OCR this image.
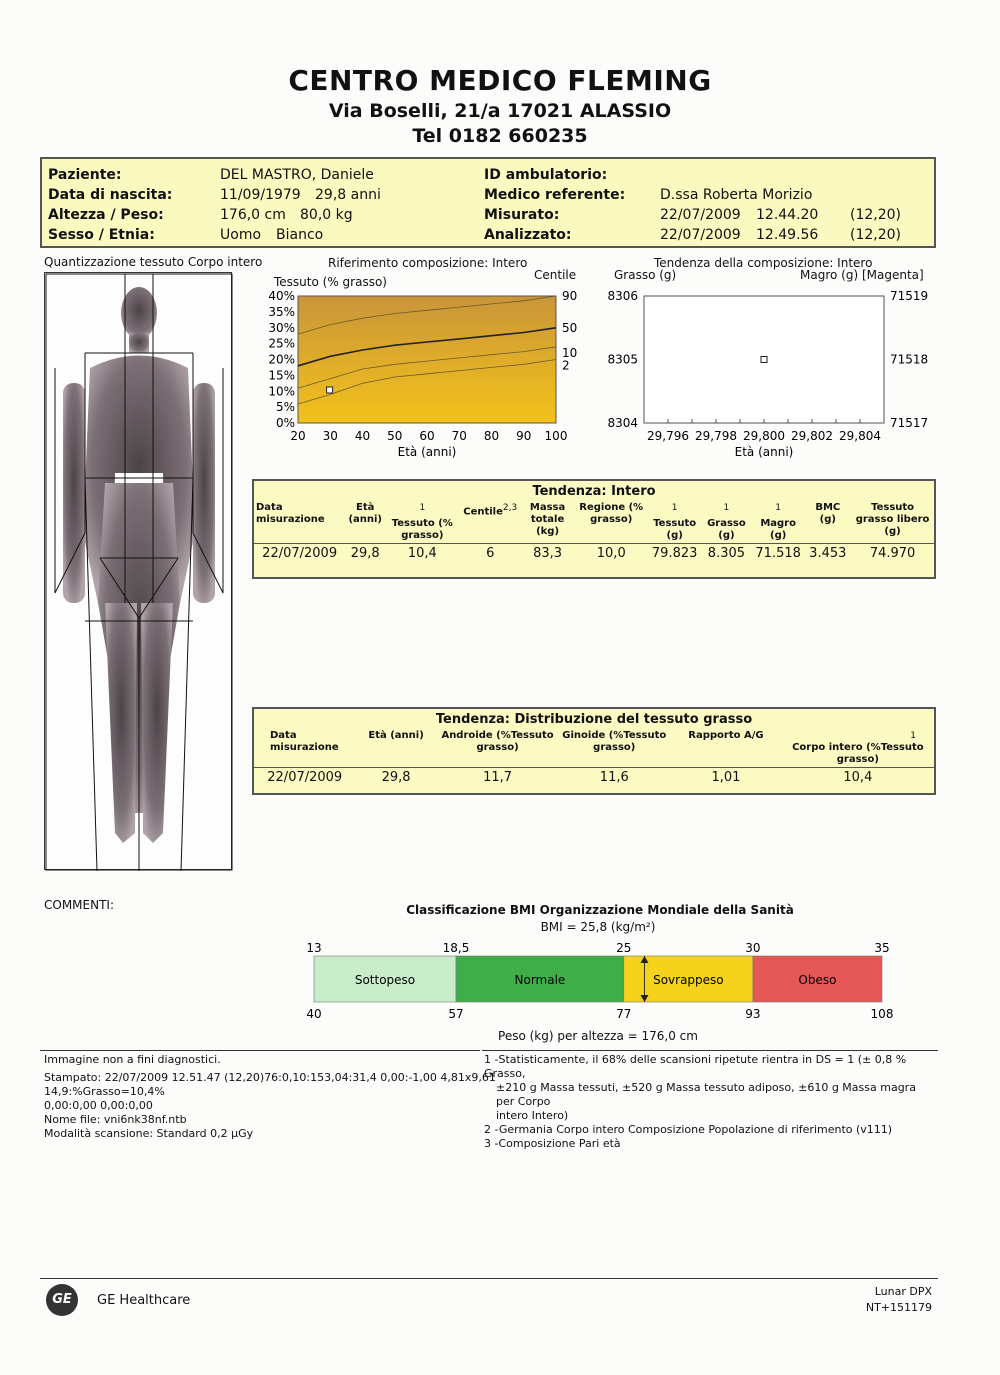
CENTRO MEDICO FLEMING
Via Boselli, 21/a 17021 ALASSIO
Tel 0182 660235
Paziente:	DEL MASTRO, Daniele
Data di nascita:	11/09/1979 29,8 anni
Altezza / Peso:	176,0 cm 80,0 kg
Sesso / Etnia:	Uomo Bianco
ID ambulatorio:
Medico referente: D.ssa Roberta Morizio
Misurato:	22/07/2009 12.44.20 (12,20)
Analizzato:	22/07/2009 12.49.56 (12,20)
Quantizzazione tessuto Corpo intero	Riferimento composizione: Intero
Tessuto (% grasso)	Centile
90
50
10
2
20 30 40 50 60 70 80 90 100
40%
35%
30%
25%
20%
15%
10%
5%
0%
Età (anni)
Tendenza della composizione: Intero
Grasso (g)	Magro (g) [Magenta]
8306
8305
8304
71519
71518
71517
29,796 29,798 29,800 29,802 29,804
Età (anni)
Tendenza: Intero
Data misurazione	Età (anni)	1
Tessuto (% grasso)	Centile2,3	Massa totale (kg)	Regione (% grasso)	1
Tessuto (g)	1
Grasso (g)	1
Magro (g)	BMC (g)	Tessuto grasso libero (g)
22/07/2009	29,8	10,4	6	83,3	10,0	79.823	8.305	71.518	3.453	74.970
Tendenza: Distribuzione del tessuto grasso
Data misurazione	Età (anni)	Androide (%Tessuto grasso)	Ginoide (%Tessuto grasso)	Rapporto A/G	1

Corpo intero (%Tessuto grasso)
22/07/2009	29,8	11,7	11,6	1,01	10,4
COMMENTI:	Classificazione BMI Organizzazione Mondiale della Sanità
BMI = 25,8 (kg/m²)
Sottopeso	Normale	Sovrappeso	Obeso
13	18,5	25	30	35
40	57	77	93	108
Peso (kg) per altezza = 176,0 cm
Immagine non a fini diagnostici.
Stampato: 22/07/2009 12.51.47 (12,20)76:0,10:153,04:31,4 0,00:-1,00 4,81x9,61
14,9:%Grasso=10,4%
0,00:0,00 0,00:0,00
Nome file: vni6nk38nf.ntb
Modalità scansione: Standard 0,2 µGy
1 -Statisticamente, il 68% delle scansioni ripetute rientra in DS = 1 (± 0,8 % Grasso,
±210 g Massa tessuti, ±520 g Massa tessuto adiposo, ±610 g Massa magra per Corpo
intero Intero)
2 -Germania Corpo intero Composizione Popolazione di riferimento (v111)
3 -Composizione Pari età
GE	GE Healthcare
Lunar DPX
NT+151179
